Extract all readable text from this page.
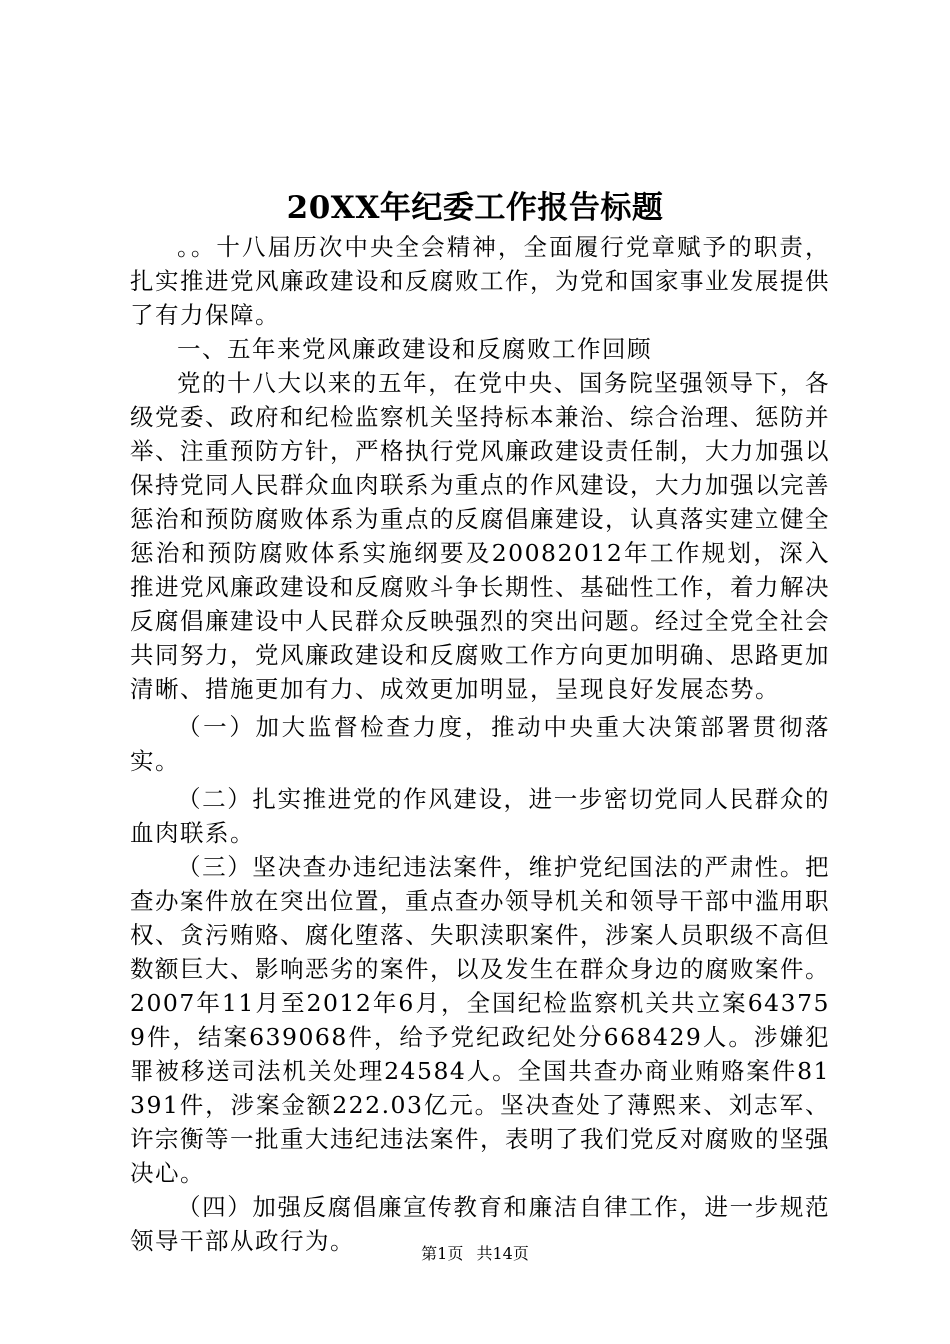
20XX年纪委工作报告标题

。。十八届历次中央全会精神，全面履行党章赋予的职责，扎实推进党风廉政建设和反腐败工作，为党和国家事业发展提供了有力保障。

一、五年来党风廉政建设和反腐败工作回顾

党的十八大以来的五年，在党中央、国务院坚强领导下，各级党委、政府和纪检监察机关坚持标本兼治、综合治理、惩防并举、注重预防方针，严格执行党风廉政建设责任制，大力加强以保持党同人民群众血肉联系为重点的作风建设，大力加强以完善惩治和预防腐败体系为重点的反腐倡廉建设，认真落实建立健全惩治和预防腐败体系实施纲要及20082012年工作规划，深入推进党风廉政建设和反腐败斗争长期性、基础性工作，着力解决反腐倡廉建设中人民群众反映强烈的突出问题。经过全党全社会共同努力，党风廉政建设和反腐败工作方向更加明确、思路更加清晰、措施更加有力、成效更加明显，呈现良好发展态势。

（一）加大监督检查力度，推动中央重大决策部署贯彻落实。

（二）扎实推进党的作风建设，进一步密切党同人民群众的血肉联系。

（三）坚决查办违纪违法案件，维护党纪国法的严肃性。把查办案件放在突出位置，重点查办领导机关和领导干部中滥用职权、贪污贿赂、腐化堕落、失职渎职案件，涉案人员职级不高但数额巨大、影响恶劣的案件，以及发生在群众身边的腐败案件。2007年11月至2012年6月，全国纪检监察机关共立案643759件，结案639068件，给予党纪政纪处分668429人。涉嫌犯罪被移送司法机关处理24584人。全国共查办商业贿赂案件81391件，涉案金额222.03亿元。坚决查处了薄熙来、刘志军、许宗衡等一批重大违纪违法案件，表明了我们党反对腐败的坚强决心。

（四）加强反腐倡廉宣传教育和廉洁自律工作，进一步规范领导干部从政行为。	第1页 共14页
